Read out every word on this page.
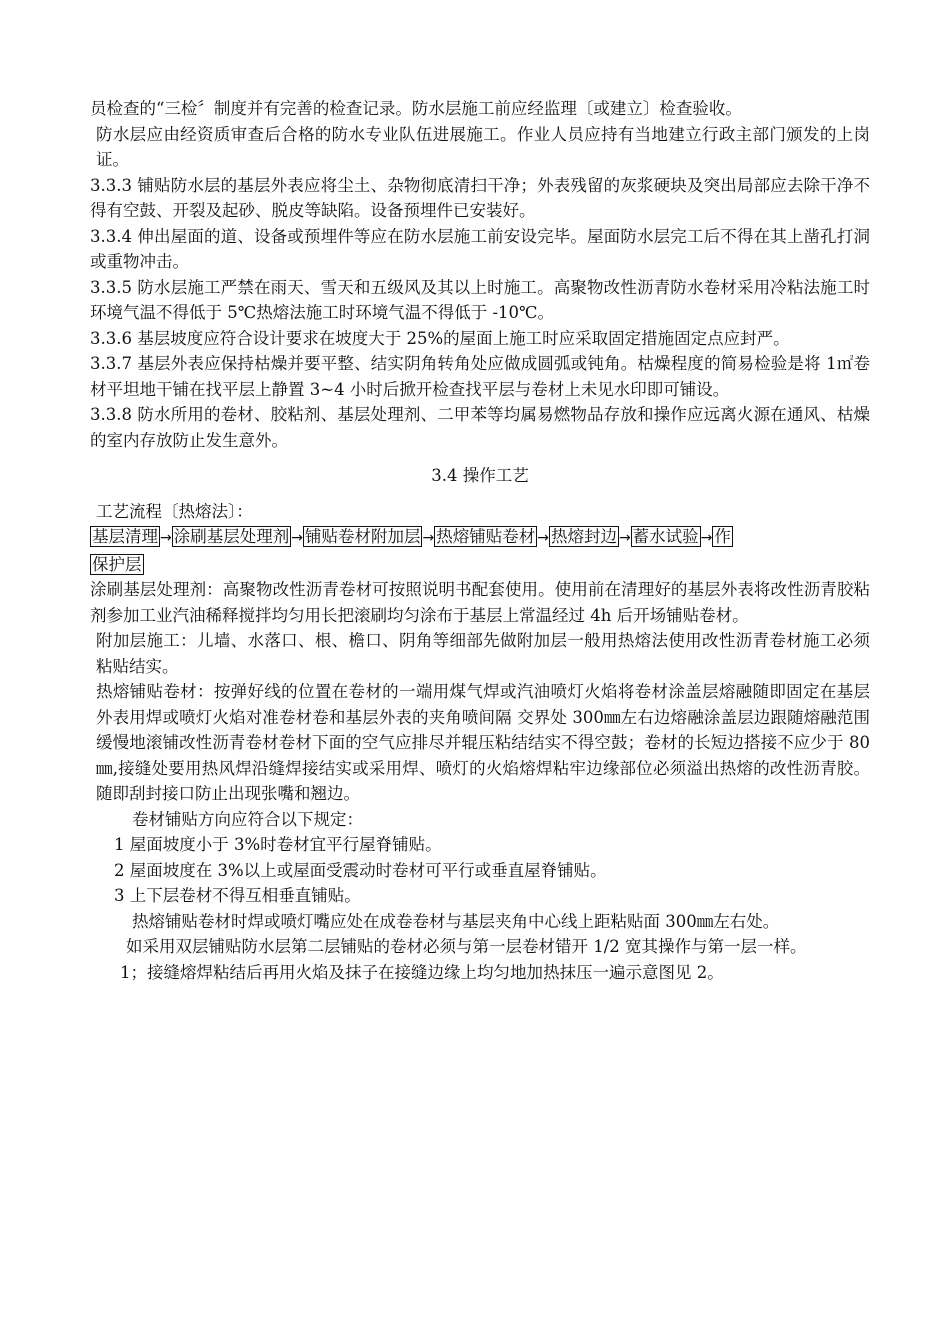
员检查的“三检〞制度并有完善的检查记录。防水层施工前应经监理〔或建立〕检查验收。

防水层应由经资质审查后合格的防水专业队伍进展施工。作业人员应持有当地建立行政主部门颁发的上岗证。

3.3.3 铺贴防水层的基层外表应将尘土、杂物彻底清扫干净；外表残留的灰浆硬块及突出局部应去除干净不得有空鼓、开裂及起砂、脱皮等缺陷。设备预埋件已安装好。

3.3.4 伸出屋面的道、设备或预埋件等应在防水层施工前安设完毕。屋面防水层完工后不得在其上凿孔打洞或重物冲击。

3.3.5 防水层施工严禁在雨天、雪天和五级风及其以上时施工。高聚物改性沥青防水卷材采用冷粘法施工时环境气温不得低于 5℃热熔法施工时环境气温不得低于 -10℃。

3.3.6 基层坡度应符合设计要求在坡度大于 25%的屋面上施工时应采取固定措施固定点应封严。

3.3.7 基层外表应保持枯燥并要平整、结实阴角转角处应做成圆弧或钝角。枯燥程度的简易检验是将 1㎡卷材平坦地干铺在找平层上静置 3~4 小时后掀开检查找平层与卷材上未见水印即可铺设。

3.3.8 防水所用的卷材、胶粘剂、基层处理剂、二甲苯等均属易燃物品存放和操作应远离火源在通风、枯燥的室内存放防止发生意外。

3.4 操作工艺

工艺流程〔热熔法〕：

基层清理 → 涂刷基层处理剂 → 铺贴卷材附加层 → 热熔铺贴卷材 → 热熔封边 → 蓄水试验 → 作

保护层

涂刷基层处理剂：高聚物改性沥青卷材可按照说明书配套使用。使用前在清理好的基层外表将改性沥青胶粘剂参加工业汽油稀释搅拌均匀用长把滚刷均匀涂布于基层上常温经过 4h 后开场铺贴卷材。

附加层施工：儿墙、水落口、根、檐口、阴角等细部先做附加层一般用热熔法使用改性沥青卷材施工必须粘贴结实。

热熔铺贴卷材：按弹好线的位置在卷材的一端用煤气焊或汽油喷灯火焰将卷材涂盖层熔融随即固定在基层外表用焊或喷灯火焰对准卷材卷和基层外表的夹角喷间隔 交界处 300㎜左右边熔融涂盖层边跟随熔融范围缓慢地滚铺改性沥青卷材卷材下面的空气应排尽并辊压粘结结实不得空鼓；卷材的长短边搭接不应少于 80㎜,接缝处要用热风焊沿缝焊接结实或采用焊、喷灯的火焰熔焊粘牢边缘部位必须溢出热熔的改性沥青胶。随即刮封接口防止出现张嘴和翘边。

卷材铺贴方向应符合以下规定：

1 屋面坡度小于 3%时卷材宜平行屋脊铺贴。

2 屋面坡度在 3%以上或屋面受震动时卷材可平行或垂直屋脊铺贴。

3 上下层卷材不得互相垂直铺贴。

热熔铺贴卷材时焊或喷灯嘴应处在成卷卷材与基层夹角中心线上距粘贴面 300㎜左右处。

如采用双层铺贴防水层第二层铺贴的卷材必须与第一层卷材错开 1/2 宽其操作与第一层一样。

1；接缝熔焊粘结后再用火焰及抹子在接缝边缘上均匀地加热抹压一遍示意图见 2。
